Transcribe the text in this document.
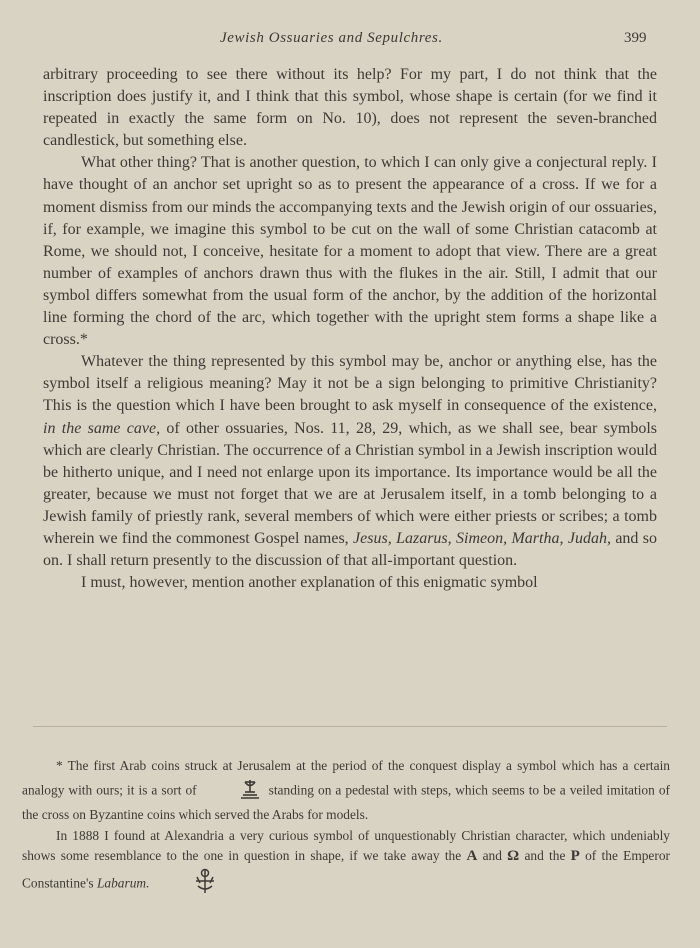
Jewish Ossuaries and Sepulchres.	399

arbitrary proceeding to see there without its help? For my part, I do not think that the inscription does justify it, and I think that this symbol, whose shape is certain (for we find it repeated in exactly the same form on No. 10), does not represent the seven-branched candlestick, but something else.

What other thing? That is another question, to which I can only give a conjectural reply. I have thought of an anchor set upright so as to present the appearance of a cross. If we for a moment dismiss from our minds the accompanying texts and the Jewish origin of our ossuaries, if, for example, we imagine this symbol to be cut on the wall of some Christian catacomb at Rome, we should not, I conceive, hesitate for a moment to adopt that view. There are a great number of examples of anchors drawn thus with the flukes in the air. Still, I admit that our symbol differs somewhat from the usual form of the anchor, by the addition of the horizontal line forming the chord of the arc, which together with the upright stem forms a shape like a cross.*

Whatever the thing represented by this symbol may be, anchor or anything else, has the symbol itself a religious meaning? May it not be a sign belonging to primitive Christianity? This is the question which I have been brought to ask myself in consequence of the existence, in the same cave, of other ossuaries, Nos. 11, 28, 29, which, as we shall see, bear symbols which are clearly Christian. The occurrence of a Christian symbol in a Jewish inscription would be hitherto unique, and I need not enlarge upon its importance. Its importance would be all the greater, because we must not forget that we are at Jerusalem itself, in a tomb belonging to a Jewish family of priestly rank, several members of which were either priests or scribes; a tomb wherein we find the commonest Gospel names, Jesus, Lazarus, Simeon, Martha, Judah, and so on. I shall return presently to the discussion of that all-important question.

I must, however, mention another explanation of this enigmatic symbol

* The first Arab coins struck at Jerusalem at the period of the conquest display a symbol which has a certain analogy with ours; it is a sort of	standing on a pedestal with steps, which seems to be a veiled imitation of the cross on Byzantine coins which served the Arabs for models.

In 1888 I found at Alexandria a very curious symbol of unquestionably Christian character, which undeniably shows some resemblance to the one in question in shape, if we take away the A and Ω and the P of the Emperor Constantine's Labarum.
